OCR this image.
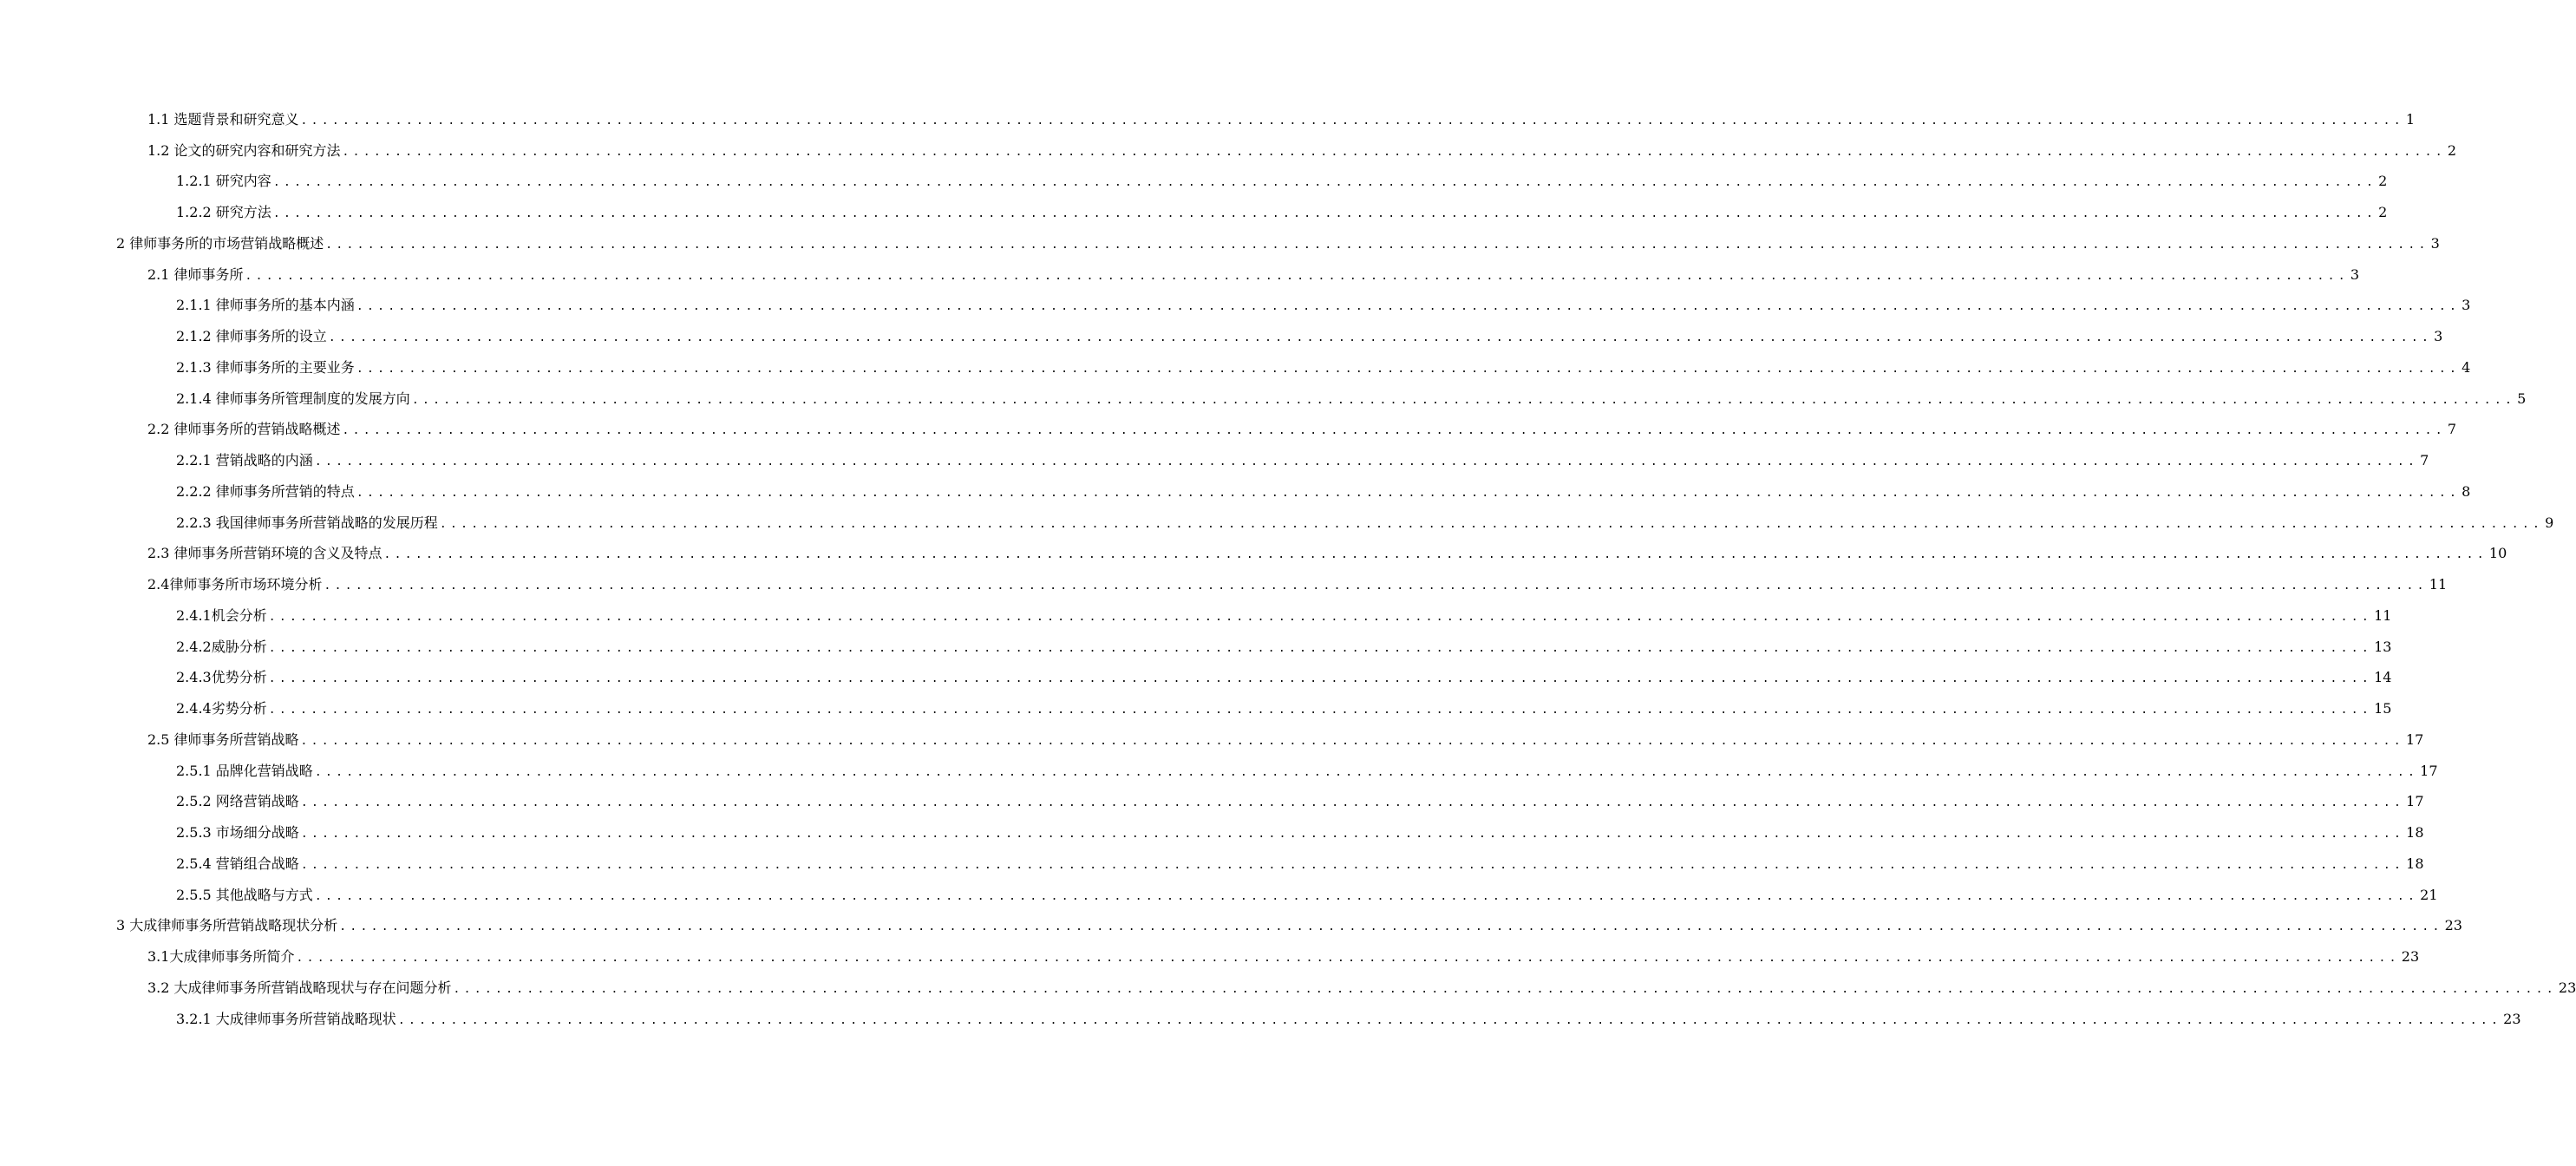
1.1 选题背景和研究意义 ........................................................................................................................................................................................................ 1
1.2 论文的研究内容和研究方法 ........................................................................................................................................................................................................ 2
1.2.1 研究内容 ........................................................................................................................................................................................................ 2
1.2.2 研究方法 ........................................................................................................................................................................................................ 2
2 律师事务所的市场营销战略概述 ........................................................................................................................................................................................................ 3
2.1 律师事务所 ........................................................................................................................................................................................................ 3
2.1.1 律师事务所的基本内涵 ........................................................................................................................................................................................................ 3
2.1.2 律师事务所的设立 ........................................................................................................................................................................................................ 3
2.1.3 律师事务所的主要业务 ........................................................................................................................................................................................................ 4
2.1.4 律师事务所管理制度的发展方向 ........................................................................................................................................................................................................ 5
2.2 律师事务所的营销战略概述 ........................................................................................................................................................................................................ 7
2.2.1 营销战略的内涵 ........................................................................................................................................................................................................ 7
2.2.2 律师事务所营销的特点 ........................................................................................................................................................................................................ 8
2.2.3 我国律师事务所营销战略的发展历程 ........................................................................................................................................................................................................ 9
2.3 律师事务所营销环境的含义及特点 ........................................................................................................................................................................................................ 10
2.4律师事务所市场环境分析 ........................................................................................................................................................................................................ 11
2.4.1机会分析 ........................................................................................................................................................................................................ 11
2.4.2威胁分析 ........................................................................................................................................................................................................ 13
2.4.3优势分析 ........................................................................................................................................................................................................ 14
2.4.4劣势分析 ........................................................................................................................................................................................................ 15
2.5 律师事务所营销战略 ........................................................................................................................................................................................................ 17
2.5.1 品牌化营销战略 ........................................................................................................................................................................................................ 17
2.5.2 网络营销战略 ........................................................................................................................................................................................................ 17
2.5.3 市场细分战略 ........................................................................................................................................................................................................ 18
2.5.4 营销组合战略 ........................................................................................................................................................................................................ 18
2.5.5 其他战略与方式 ........................................................................................................................................................................................................ 21
3 大成律师事务所营销战略现状分析 ........................................................................................................................................................................................................ 23
3.1大成律师事务所简介 ........................................................................................................................................................................................................ 23
3.2 大成律师事务所营销战略现状与存在问题分析 ........................................................................................................................................................................................................ 23
3.2.1 大成律师事务所营销战略现状 ........................................................................................................................................................................................................ 23
